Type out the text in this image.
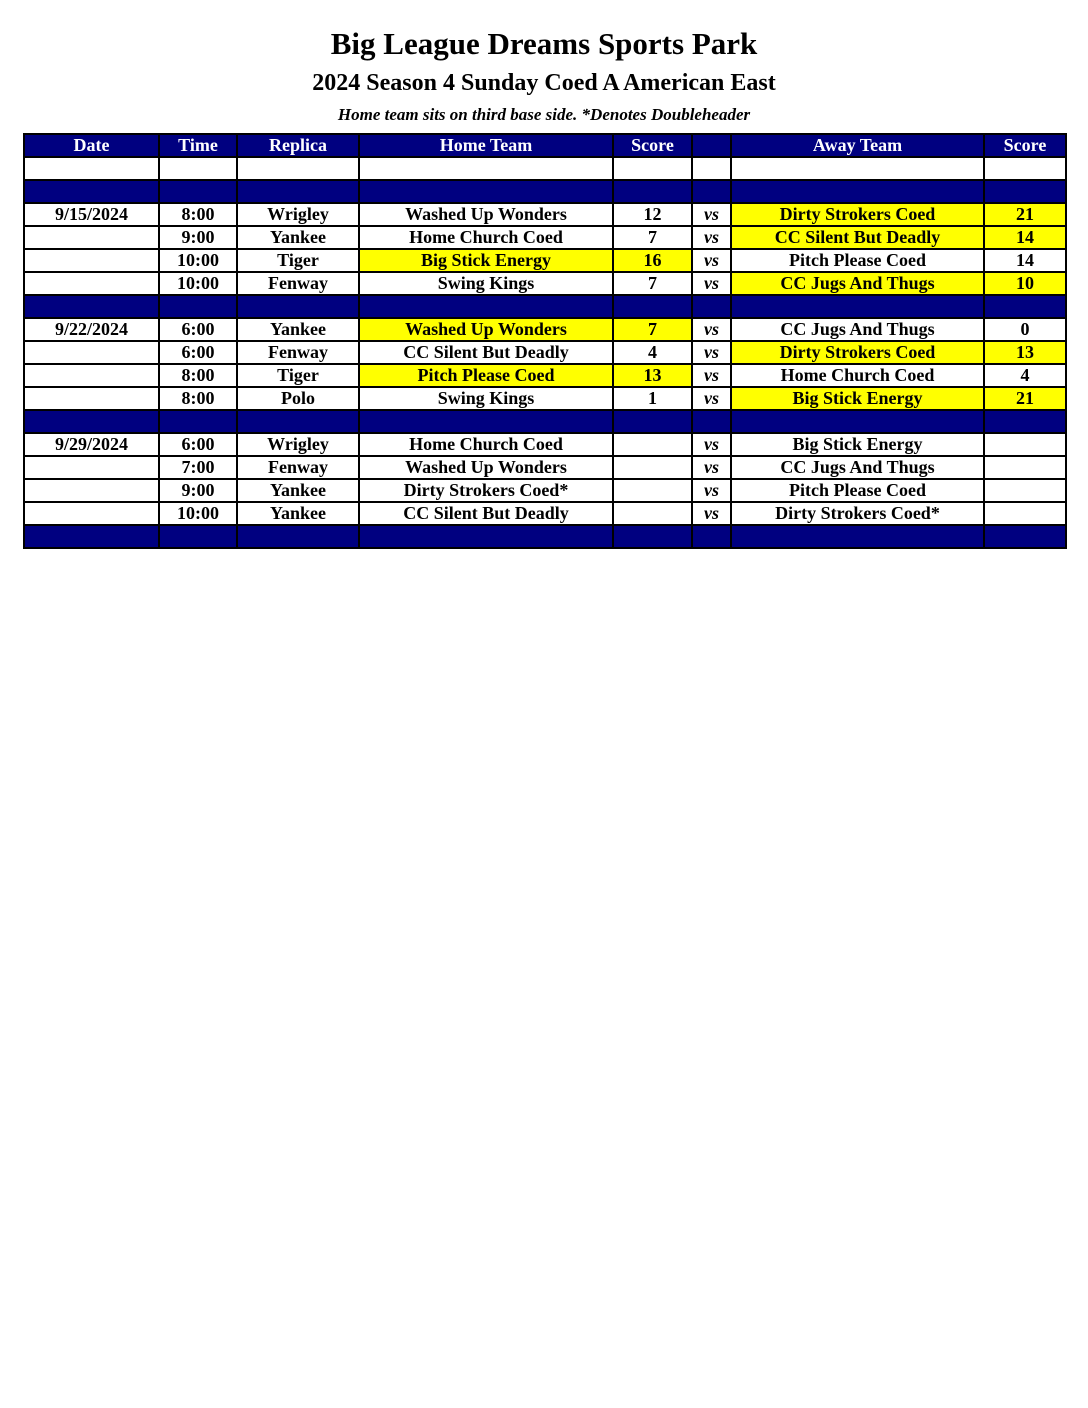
Big League Dreams Sports Park
2024 Season 4 Sunday Coed A American East
Home team sits on third base side. *Denotes Doubleheader
Date	Time	Replica	Home Team	Score		Away Team	Score

9/15/2024	8:00	Wrigley	Washed Up Wonders	12	vs	Dirty Strokers Coed	21
	9:00	Yankee	Home Church Coed	7	vs	CC Silent But Deadly	14
	10:00	Tiger	Big Stick Energy	16	vs	Pitch Please Coed	14
	10:00	Fenway	Swing Kings	7	vs	CC Jugs And Thugs	10

9/22/2024	6:00	Yankee	Washed Up Wonders	7	vs	CC Jugs And Thugs	0
	6:00	Fenway	CC Silent But Deadly	4	vs	Dirty Strokers Coed	13
	8:00	Tiger	Pitch Please Coed	13	vs	Home Church Coed	4
	8:00	Polo	Swing Kings	1	vs	Big Stick Energy	21

9/29/2024	6:00	Wrigley	Home Church Coed		vs	Big Stick Energy	
	7:00	Fenway	Washed Up Wonders		vs	CC Jugs And Thugs	
	9:00	Yankee	Dirty Strokers Coed*		vs	Pitch Please Coed	
	10:00	Yankee	CC Silent But Deadly		vs	Dirty Strokers Coed*	
